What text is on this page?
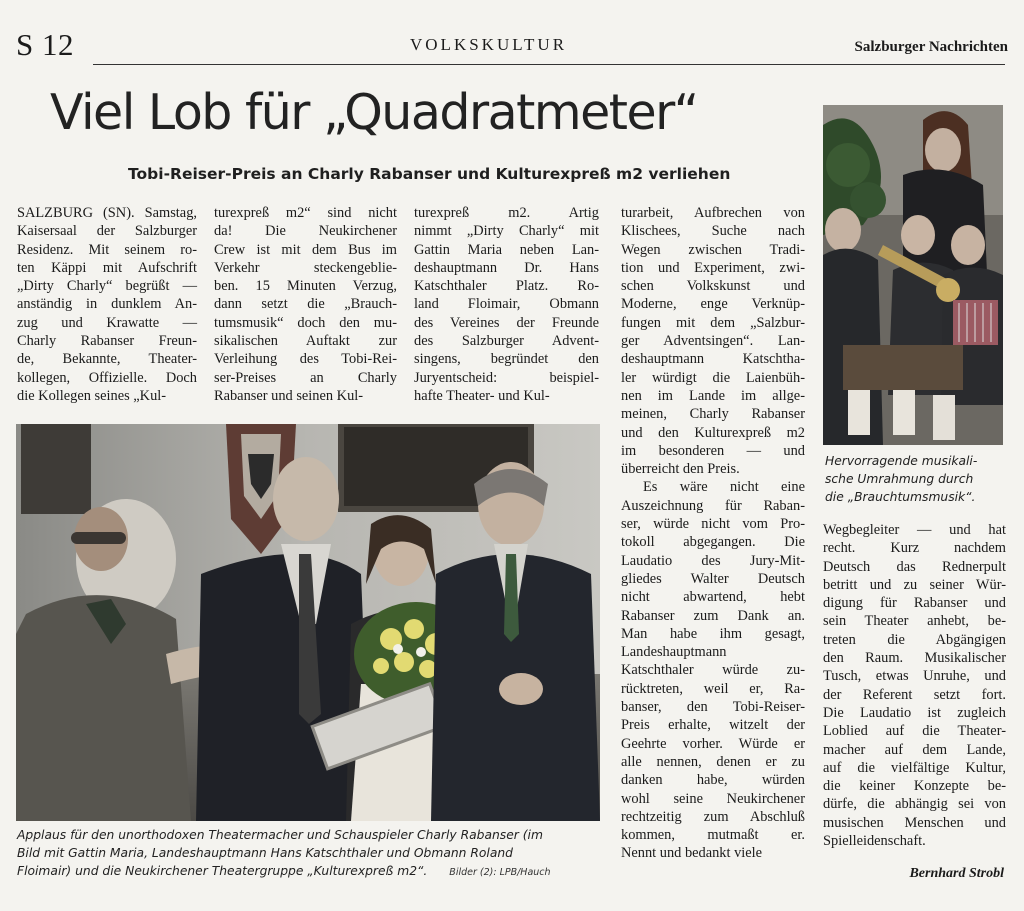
S 12	VOLKSKULTUR	Salzburger Nachrichten
Viel Lob für „Quadratmeter“
Tobi-Reiser-Preis an Charly Rabanser und Kulturexpreß m2 verliehen
SALZBURG (SN). Samstag,
Kaisersaal der Salzburger
Residenz. Mit seinem ro-
ten Käppi mit Aufschrift
„Dirty Charly“ begrüßt —
anständig in dunklem An-
zug und Krawatte —
Charly Rabanser Freun-
de, Bekannte, Theater-
kollegen, Offizielle. Doch
die Kollegen seines „Kul-
turexpreß m2“ sind nicht
da! Die Neukirchener
Crew ist mit dem Bus im
Verkehr steckengeblie-
ben. 15 Minuten Verzug,
dann setzt die „Brauch-
tumsmusik“ doch den mu-
sikalischen Auftakt zur
Verleihung des Tobi-Rei-
ser-Preises an Charly
Rabanser und seinen Kul-
turexpreß m2. Artig
nimmt „Dirty Charly“ mit
Gattin Maria neben Lan-
deshauptmann Dr. Hans
Katschthaler Platz. Ro-
land Floimair, Obmann
des Vereines der Freunde
des Salzburger Advent-
singens, begründet den
Juryentscheid: beispiel-
hafte Theater- und Kul-
turarbeit, Aufbrechen von
Klischees, Suche nach
Wegen zwischen Tradi-
tion und Experiment, zwi-
schen Volkskunst und
Moderne, enge Verknüp-
fungen mit dem „Salzbur-
ger Adventsingen“. Lan-
deshauptmann Katschtha-
ler würdigt die Laienbüh-
nen im Lande im allge-
meinen, Charly Rabanser
und den Kulturexpreß m2
im besonderen — und
überreicht den Preis.
Es wäre nicht eine
Auszeichnung für Raban-
ser, würde nicht vom Pro-
tokoll abgegangen. Die
Laudatio des Jury-Mit-
gliedes Walter Deutsch
nicht abwartend, hebt
Rabanser zum Dank an.
Man habe ihm gesagt,
Landeshauptmann
Katschthaler würde zu-
rücktreten, weil er, Ra-
banser, den Tobi-Reiser-
Preis erhalte, witzelt der
Geehrte vorher. Würde er
alle nennen, denen er zu
danken habe, würden
wohl seine Neukirchener
rechtzeitig zum Abschluß
kommen, mutmaßt er.
Nennt und bedankt viele
Wegbegleiter — und hat
recht. Kurz nachdem
Deutsch das Rednerpult
betritt und zu seiner Wür-
digung für Rabanser und
sein Theater anhebt, be-
treten die Abgängigen
den Raum. Musikalischer
Tusch, etwas Unruhe, und
der Referent setzt fort.
Die Laudatio ist zugleich
Loblied auf die Theater-
macher auf dem Lande,
auf die vielfältige Kultur,
die keiner Konzepte be-
dürfe, die abhängig sei von
musischen Menschen und
Spielleidenschaft.
Applaus für den unorthodoxen Theatermacher und Schauspieler Charly Rabanser (im
Bild mit Gattin Maria, Landeshauptmann Hans Katschthaler und Obmann Roland
Floimair) und die Neukirchener Theatergruppe „Kulturexpreß m2“. Bilder (2): LPB/Hauch
Hervorragende musikali-
sche Umrahmung durch
die „Brauchtumsmusik“.
Bernhard Strobl
